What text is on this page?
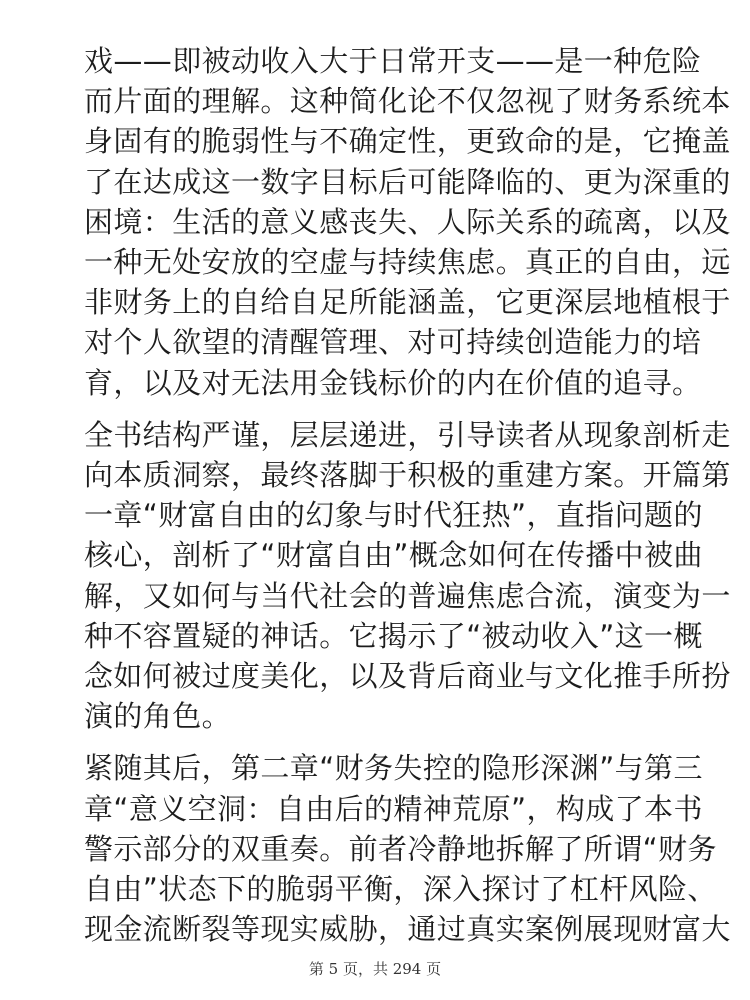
戏——即被动收入大于日常开支——是一种危险
而片面的理解。这种简化论不仅忽视了财务系统本
身固有的脆弱性与不确定性，更致命的是，它掩盖
了在达成这一数字目标后可能降临的、更为深重的
困境：生活的意义感丧失、人际关系的疏离，以及
一种无处安放的空虚与持续焦虑。真正的自由，远
非财务上的自给自足所能涵盖，它更深层地植根于
对个人欲望的清醒管理、对可持续创造能力的培
育，以及对无法用金钱标价的内在价值的追寻。

全书结构严谨，层层递进，引导读者从现象剖析走
向本质洞察，最终落脚于积极的重建方案。开篇第
一章“财富自由的幻象与时代狂热”，直指问题的
核心，剖析了“财富自由”概念如何在传播中被曲
解，又如何与当代社会的普遍焦虑合流，演变为一
种不容置疑的神话。它揭示了“被动收入”这一概
念如何被过度美化，以及背后商业与文化推手所扮
演的角色。

紧随其后，第二章“财务失控的隐形深渊”与第三
章“意义空洞：自由后的精神荒原”，构成了本书
警示部分的双重奏。前者冷静地拆解了所谓“财务
自由”状态下的脆弱平衡，深入探讨了杠杆风险、
现金流断裂等现实威胁，通过真实案例展现财富大

第 5 页，共 294 页
